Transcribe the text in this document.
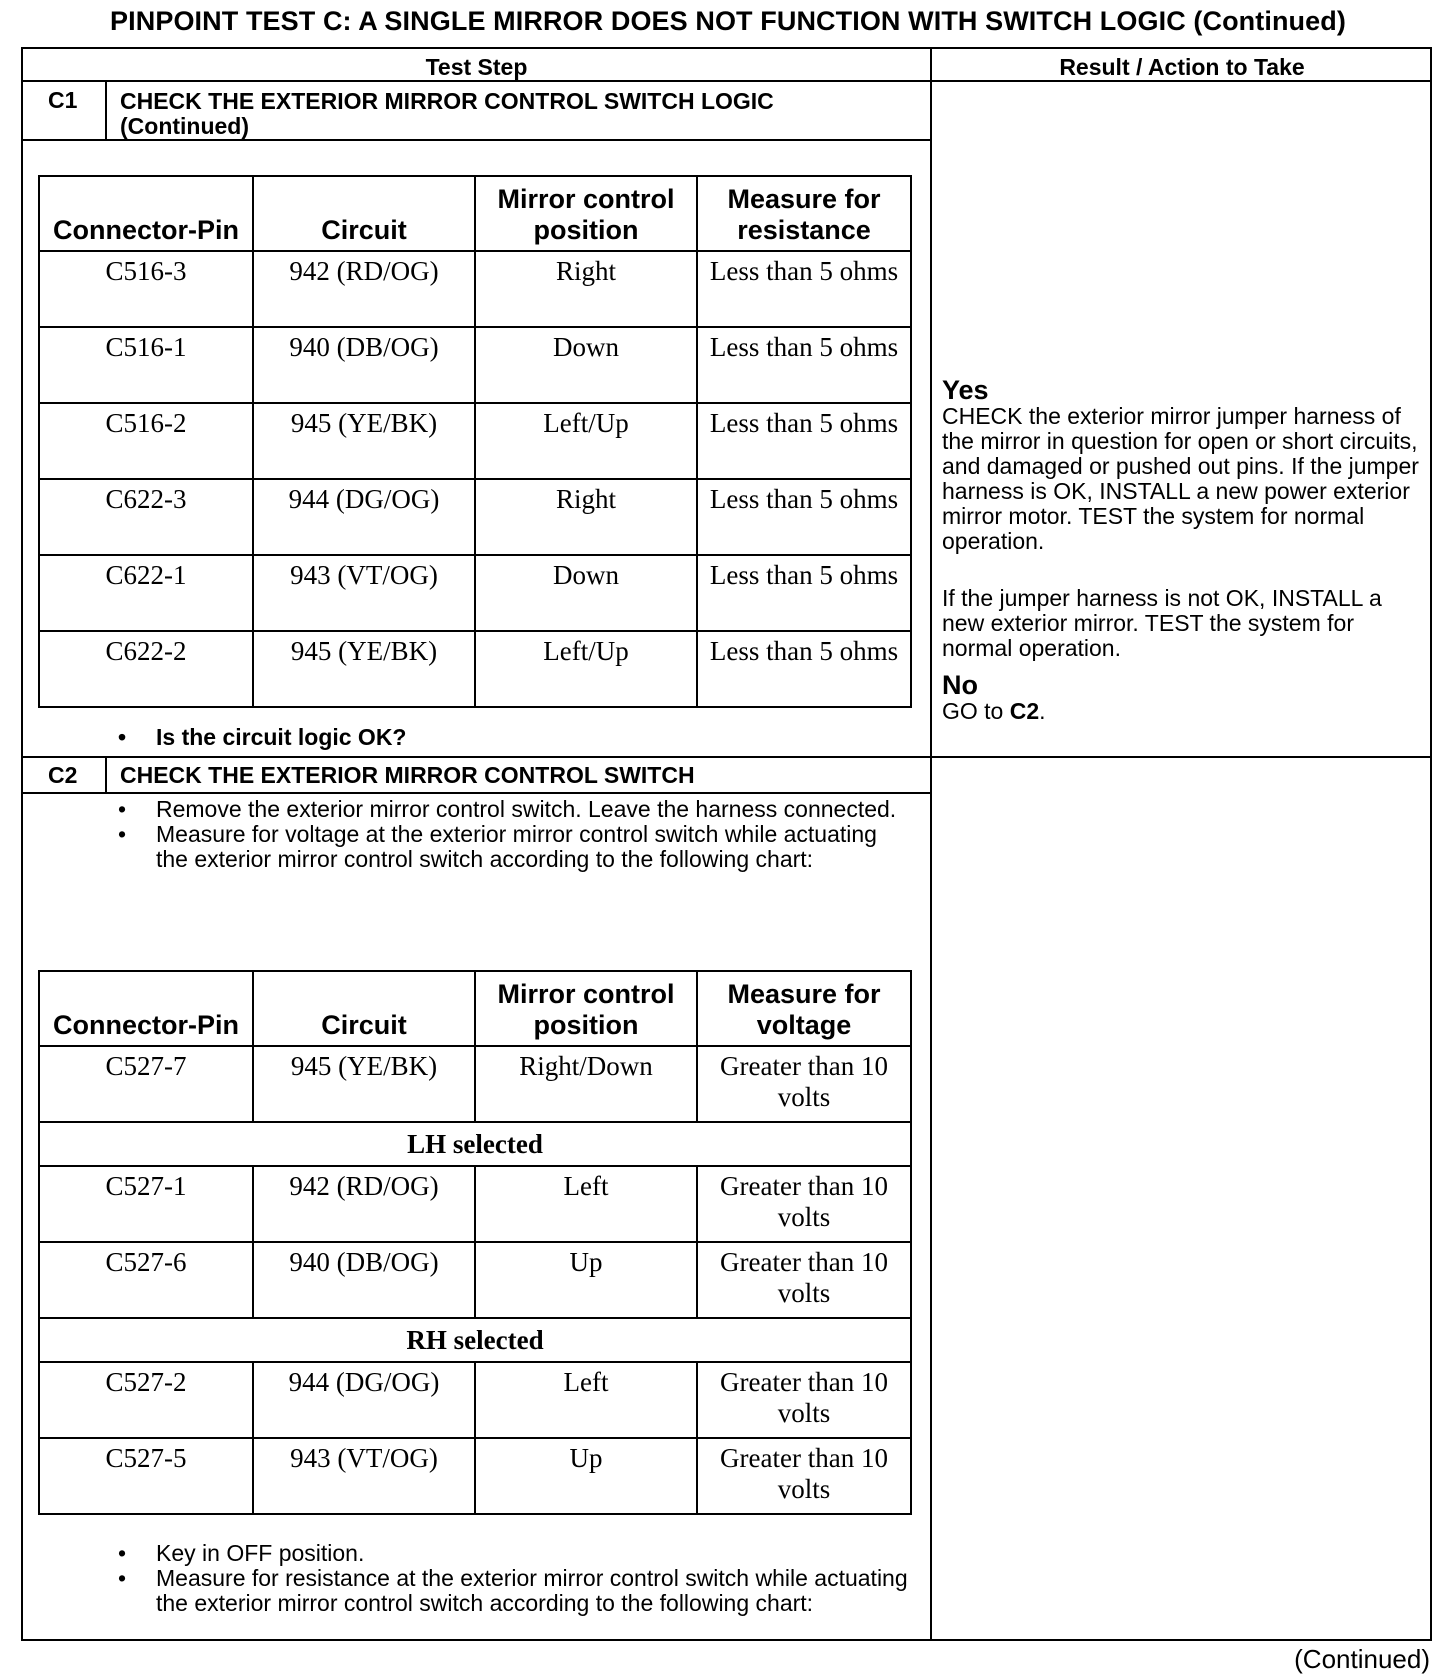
PINPOINT TEST C: A SINGLE MIRROR DOES NOT FUNCTION WITH SWITCH LOGIC (Continued)
Test Step	Result / Action to Take
C1 CHECK THE EXTERIOR MIRROR CONTROL SWITCH LOGIC (Continued)
Connector-Pin	Circuit	Mirror control position	Measure for resistance
C516-3	942 (RD/OG)	Right	Less than 5 ohms
C516-1	940 (DB/OG)	Down	Less than 5 ohms
C516-2	945 (YE/BK)	Left/Up	Less than 5 ohms
C622-3	944 (DG/OG)	Right	Less than 5 ohms
C622-1	943 (VT/OG)	Down	Less than 5 ohms
C622-2	945 (YE/BK)	Left/Up	Less than 5 ohms
• Is the circuit logic OK?
Yes
CHECK the exterior mirror jumper harness of the mirror in question for open or short circuits, and damaged or pushed out pins. If the jumper harness is OK, INSTALL a new power exterior mirror motor. TEST the system for normal operation.
If the jumper harness is not OK, INSTALL a new exterior mirror. TEST the system for normal operation.
No
GO to C2.
C2 CHECK THE EXTERIOR MIRROR CONTROL SWITCH
• Remove the exterior mirror control switch. Leave the harness connected.
• Measure for voltage at the exterior mirror control switch while actuating the exterior mirror control switch according to the following chart:
Connector-Pin	Circuit	Mirror control position	Measure for voltage
C527-7	945 (YE/BK)	Right/Down	Greater than 10 volts
LH selected			
C527-1	942 (RD/OG)	Left	Greater than 10 volts
C527-6	940 (DB/OG)	Up	Greater than 10 volts
RH selected			
C527-2	944 (DG/OG)	Left	Greater than 10 volts
C527-5	943 (VT/OG)	Up	Greater than 10 volts
• Key in OFF position.
• Measure for resistance at the exterior mirror control switch while actuating the exterior mirror control switch according to the following chart:
(Continued)
